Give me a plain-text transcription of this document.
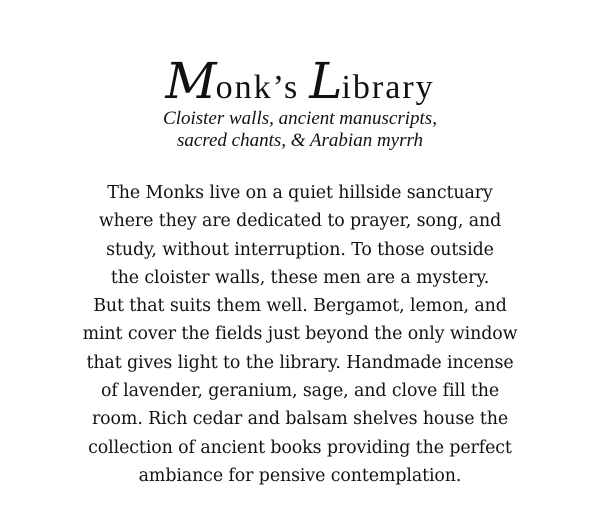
Monk’s Library
Cloister walls, ancient manuscripts,
sacred chants, & Arabian myrrh
The Monks live on a quiet hillside sanctuary
where they are dedicated to prayer, song, and
study, without interruption. To those outside
the cloister walls, these men are a mystery.
But that suits them well. Bergamot, lemon, and
mint cover the fields just beyond the only window
that gives light to the library. Handmade incense
of lavender, geranium, sage, and clove fill the
room. Rich cedar and balsam shelves house the
collection of ancient books providing the perfect
ambiance for pensive contemplation.
